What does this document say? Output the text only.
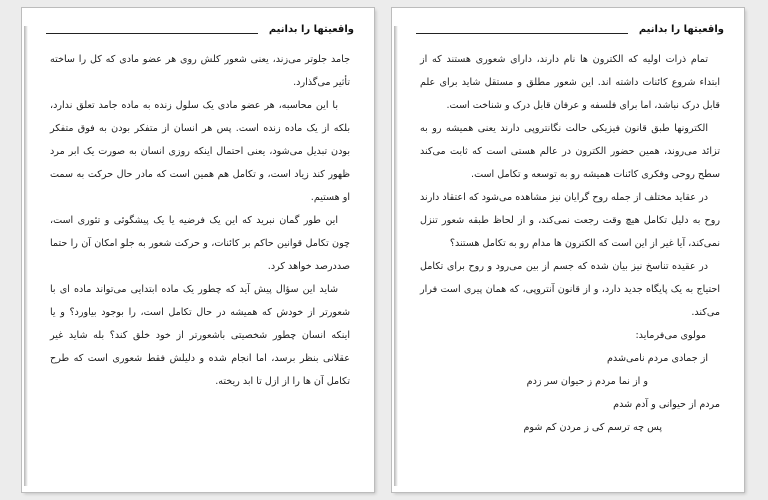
واقعیتها را بدانیم

جامد جلوتر می‌زند، یعنی شعور کلش روی هر عضو مادی که کل را ساخته تأثیر می‌گذارد.

با این محاسبه، هر عضو مادی یک سلول زنده به ماده جامد تعلق ندارد، بلکه از یک ماده زنده است. پس هر انسان از متفکر بودن به فوق متفکر بودن تبدیل می‌شود، یعنی احتمال اینکه روزی انسان به صورت یک ابر مرد ظهور کند زیاد است، و تکامل هم همین است که مادر حال حرکت به سمت او هستیم.

این طور گمان نبرید که این یک فرضیه یا یک پیشگوئی و تئوری است، چون تکامل قوانین حاکم بر کائنات، و حرکت شعور به جلو امکان آن را حتما صددرصد خواهد کرد.

شاید این سؤال پیش آید که چطور یک ماده ابتدایی می‌تواند ماده ای با شعورتر از خودش که همیشه در حال تکامل است، را بوجود بیاورد؟ و یا اینکه انسان چطور شخصیتی باشعورتر از خود خلق کند؟ بله شاید غیر عقلانی بنظر برسد، اما انجام شده و دلیلش فقط شعوری است که طرح تکامل آن ها را از ازل تا ابد ریخته.

واقعیتها را بدانیم

تمام ذرات اولیه که الکترون ها نام دارند، دارای شعوری هستند که از ابتداء شروع کائنات داشته اند. این شعور مطلق و مستقل شاید برای علم قابل درک نباشد، اما برای فلسفه و عرفان قابل درک و شناخت است.

الکترونها طبق قانون فیزیکی حالت نگانتروپی دارند یعنی همیشه رو به تزائد می‌روند، همین حضور الکترون در عالم هستی است که ثابت می‌کند سطح روحی وفکری کائنات همیشه رو به توسعه و تکامل است.

در عقاید مختلف از جمله روح گرایان نیز مشاهده می‌شود که اعتقاد دارند روح به دلیل تکامل هیچ وقت رجعت نمی‌کند، و از لحاظ طبقه شعور تنزل نمی‌کند، آیا غیر از این است که الکترون ها مدام رو به تکامل هستند؟

در عقیده تناسخ نیز بیان شده که جسم از بین می‌رود و روح برای تکامل احتیاج به یک پایگاه جدید دارد، و از قانون آنتروپی، که همان پیری است فرار می‌کند.

مولوی می‌فرماید:

از جمادی مردم نامی‌شدم
و از نما مردم ز حیوان سر زدم
مردم از حیوانی و آدم شدم
پس چه ترسم کی ز مردن کم شوم
